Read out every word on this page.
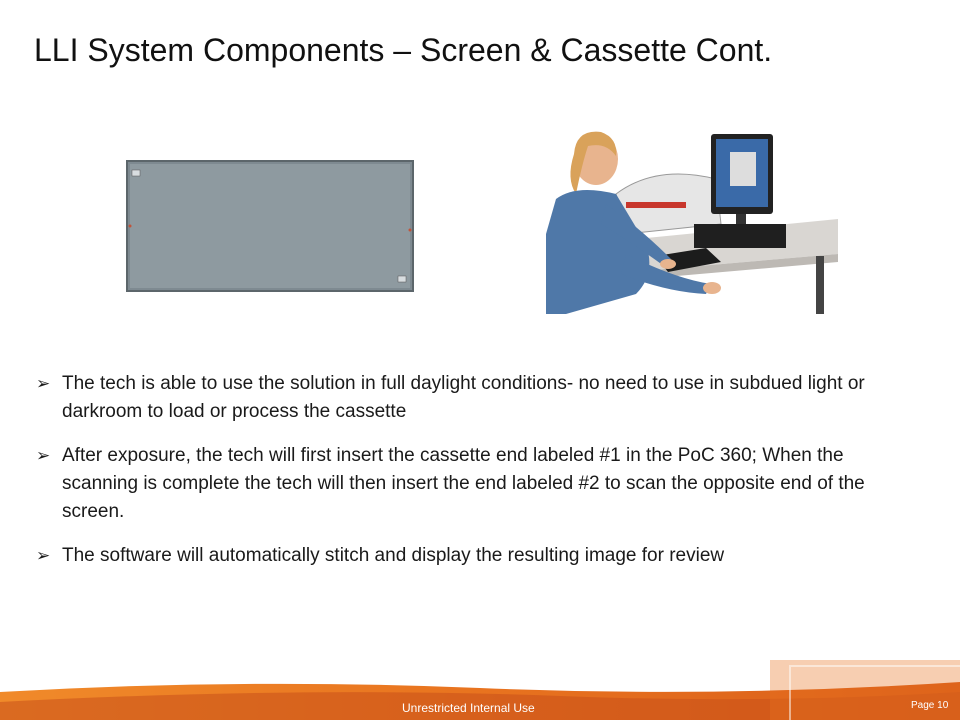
LLI System Components – Screen & Cassette Cont.
➢ The tech is able to use the solution in full daylight conditions- no need to use in subdued light or darkroom to load or process the cassette
➢ After exposure, the tech will first insert the cassette end labeled #1 in the PoC 360; When the scanning is complete the tech will then insert the end labeled #2 to scan the opposite end of the screen.
➢ The software will automatically stitch and display the resulting image for review
Unrestricted Internal Use	Page 10
